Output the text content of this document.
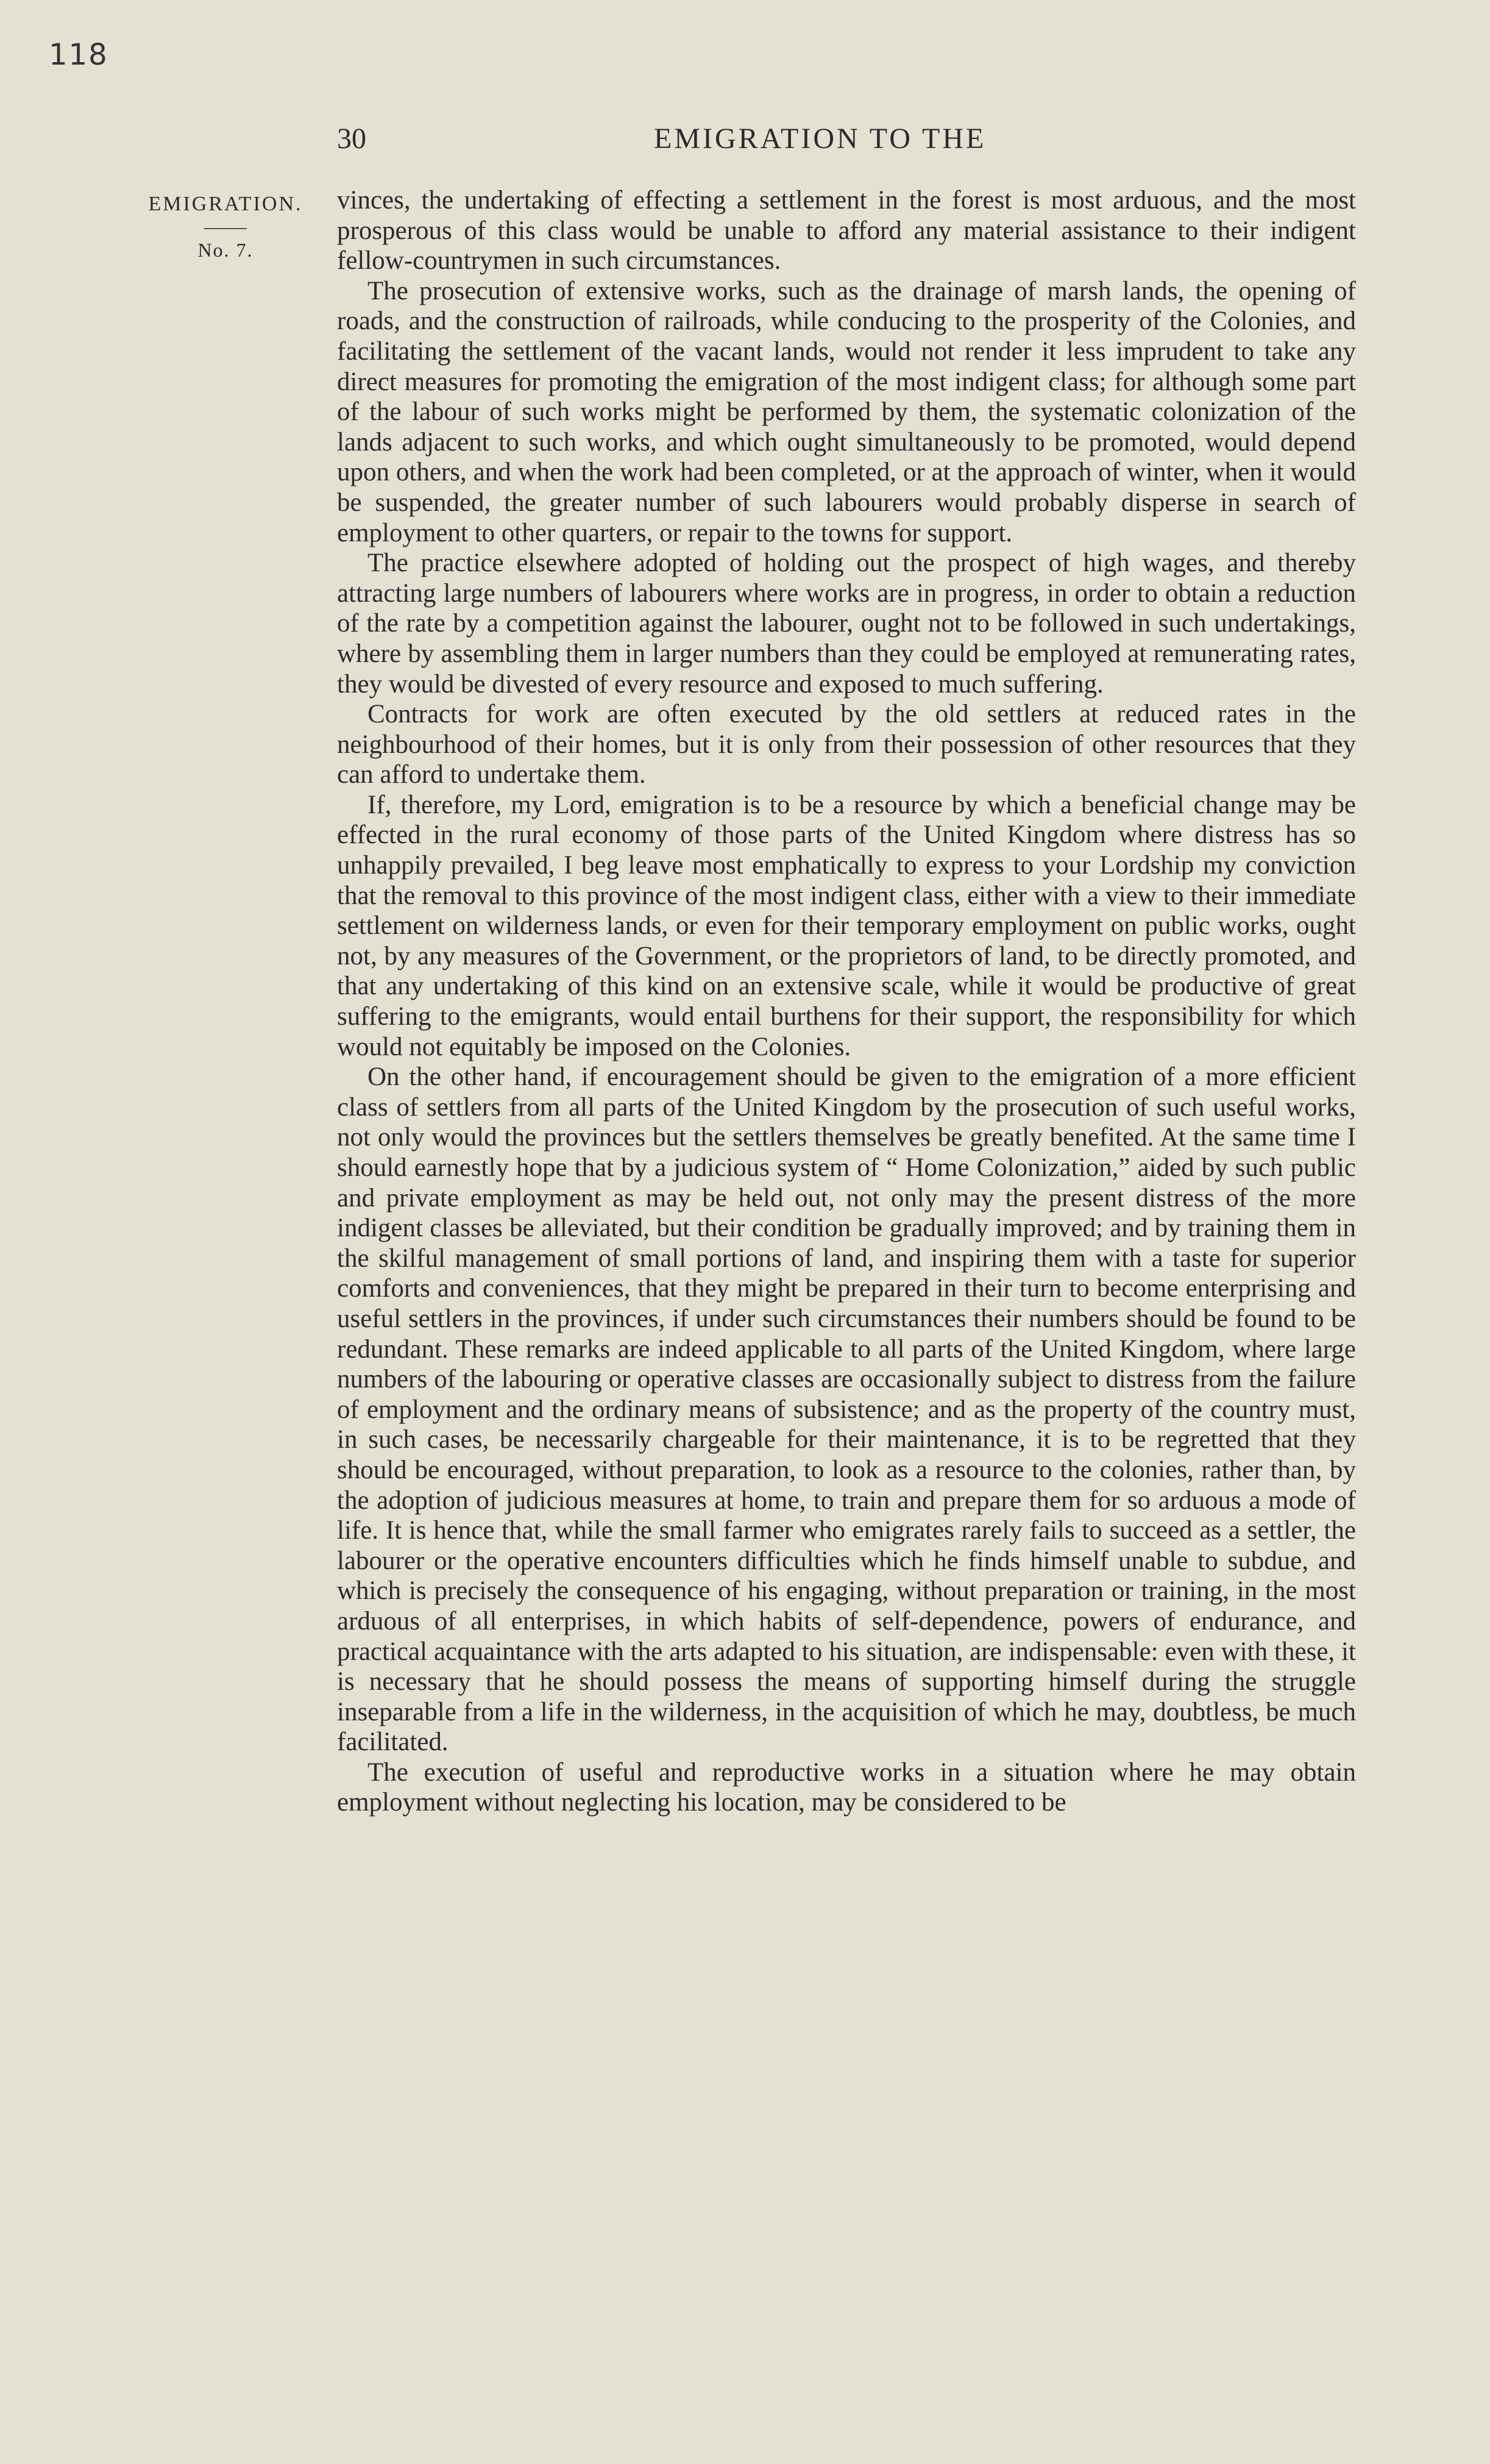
118
30	EMIGRATION TO THE
EMIGRATION.
No. 7.

vinces, the undertaking of effecting a settlement in the forest is most arduous, and the most prosperous of this class would be unable to afford any material assistance to their indigent fellow-countrymen in such circumstances.

The prosecution of extensive works, such as the drainage of marsh lands, the opening of roads, and the construction of railroads, while conducing to the prosperity of the Colonies, and facilitating the settlement of the vacant lands, would not render it less imprudent to take any direct measures for promoting the emigration of the most indigent class; for although some part of the labour of such works might be performed by them, the systematic colonization of the lands adjacent to such works, and which ought simultaneously to be promoted, would depend upon others, and when the work had been completed, or at the approach of winter, when it would be suspended, the greater number of such labourers would probably disperse in search of employment to other quarters, or repair to the towns for support.

The practice elsewhere adopted of holding out the prospect of high wages, and thereby attracting large numbers of labourers where works are in progress, in order to obtain a reduction of the rate by a competition against the labourer, ought not to be followed in such undertakings, where by assembling them in larger numbers than they could be employed at remunerating rates, they would be divested of every resource and exposed to much suffering.

Contracts for work are often executed by the old settlers at reduced rates in the neighbourhood of their homes, but it is only from their possession of other resources that they can afford to undertake them.

If, therefore, my Lord, emigration is to be a resource by which a beneficial change may be effected in the rural economy of those parts of the United Kingdom where distress has so unhappily prevailed, I beg leave most emphatically to express to your Lordship my conviction that the removal to this province of the most indigent class, either with a view to their immediate settlement on wilderness lands, or even for their temporary employment on public works, ought not, by any measures of the Government, or the proprietors of land, to be directly promoted, and that any undertaking of this kind on an extensive scale, while it would be productive of great suffering to the emigrants, would entail burthens for their support, the responsibility for which would not equitably be imposed on the Colonies.

On the other hand, if encouragement should be given to the emigration of a more efficient class of settlers from all parts of the United Kingdom by the prosecution of such useful works, not only would the provinces but the settlers themselves be greatly benefited. At the same time I should earnestly hope that by a judicious system of “ Home Colonization,” aided by such public and private employment as may be held out, not only may the present distress of the more indigent classes be alleviated, but their condition be gradually improved; and by training them in the skilful management of small portions of land, and inspiring them with a taste for superior comforts and conveniences, that they might be prepared in their turn to become enterprising and useful settlers in the provinces, if under such circumstances their numbers should be found to be redundant. These remarks are indeed applicable to all parts of the United Kingdom, where large numbers of the labouring or operative classes are occasionally subject to distress from the failure of employment and the ordinary means of subsistence; and as the property of the country must, in such cases, be necessarily chargeable for their maintenance, it is to be regretted that they should be encouraged, without preparation, to look as a resource to the colonies, rather than, by the adoption of judicious measures at home, to train and prepare them for so arduous a mode of life. It is hence that, while the small farmer who emigrates rarely fails to succeed as a settler, the labourer or the operative encounters difficulties which he finds himself unable to subdue, and which is precisely the consequence of his engaging, without preparation or training, in the most arduous of all enterprises, in which habits of self-dependence, powers of endurance, and practical acquaintance with the arts adapted to his situation, are indispensable: even with these, it is necessary that he should possess the means of supporting himself during the struggle inseparable from a life in the wilderness, in the acquisition of which he may, doubtless, be much facilitated.

The execution of useful and reproductive works in a situation where he may obtain employment without neglecting his location, may be considered to be
